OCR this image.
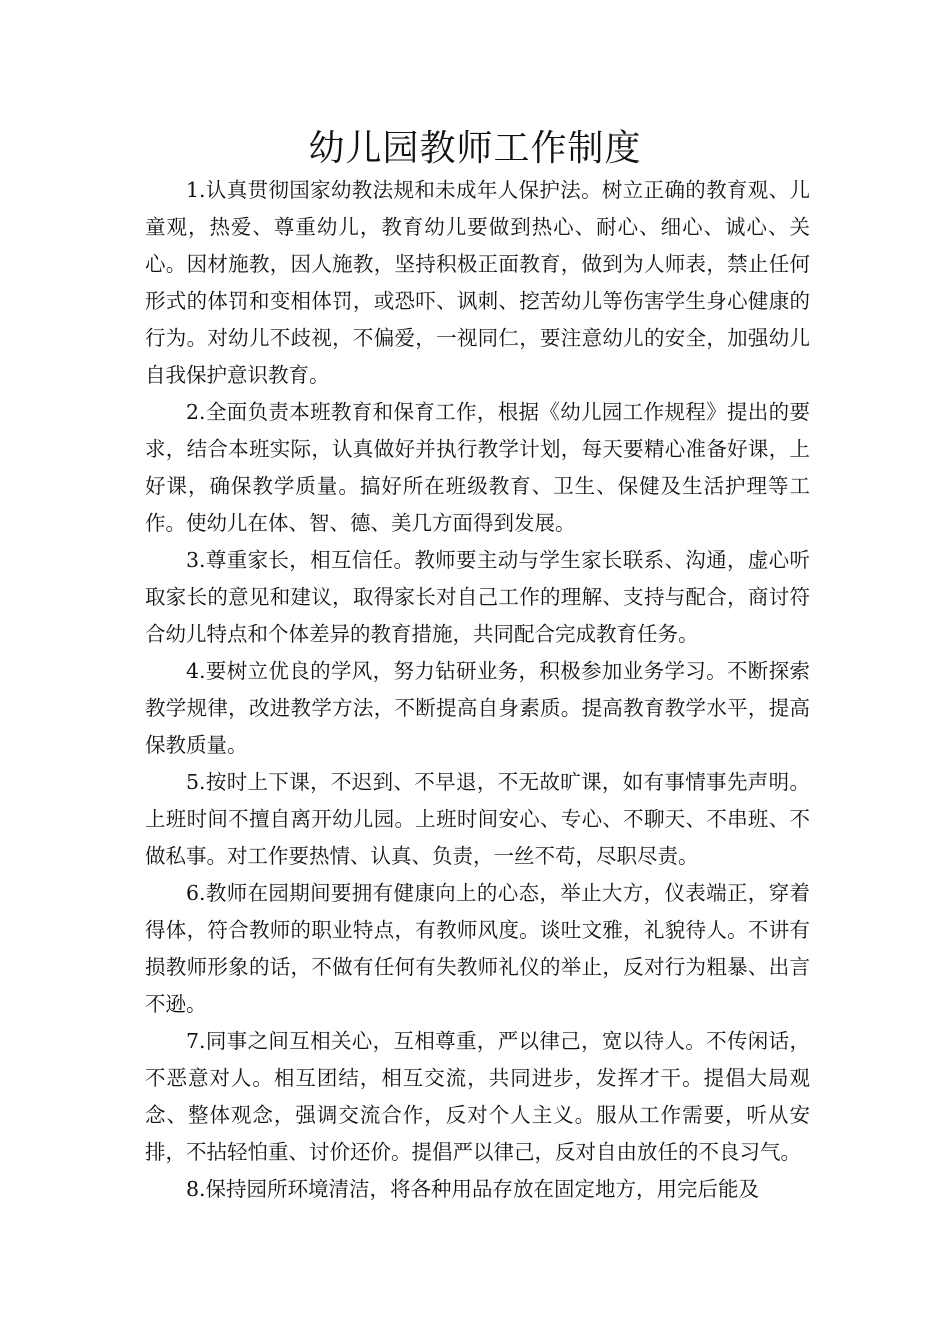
幼儿园教师工作制度

1.认真贯彻国家幼教法规和未成年人保护法。树立正确的教育观、儿童观，热爱、尊重幼儿，教育幼儿要做到热心、耐心、细心、诚心、关心。因材施教，因人施教，坚持积极正面教育，做到为人师表，禁止任何形式的体罚和变相体罚，或恐吓、讽刺、挖苦幼儿等伤害学生身心健康的行为。对幼儿不歧视，不偏爱，一视同仁，要注意幼儿的安全，加强幼儿自我保护意识教育。

2.全面负责本班教育和保育工作，根据《幼儿园工作规程》提出的要求，结合本班实际，认真做好并执行教学计划，每天要精心准备好课，上好课，确保教学质量。搞好所在班级教育、卫生、保健及生活护理等工作。使幼儿在体、智、德、美几方面得到发展。

3.尊重家长，相互信任。教师要主动与学生家长联系、沟通，虚心听取家长的意见和建议，取得家长对自己工作的理解、支持与配合，商讨符合幼儿特点和个体差异的教育措施，共同配合完成教育任务。

4.要树立优良的学风，努力钻研业务，积极参加业务学习。不断探索教学规律，改进教学方法，不断提高自身素质。提高教育教学水平，提高保教质量。

5.按时上下课，不迟到、不早退，不无故旷课，如有事情事先声明。上班时间不擅自离开幼儿园。上班时间安心、专心、不聊天、不串班、不做私事。对工作要热情、认真、负责，一丝不苟，尽职尽责。

6.教师在园期间要拥有健康向上的心态，举止大方，仪表端正，穿着得体，符合教师的职业特点，有教师风度。谈吐文雅，礼貌待人。不讲有损教师形象的话，不做有任何有失教师礼仪的举止，反对行为粗暴、出言不逊。

7.同事之间互相关心，互相尊重，严以律己，宽以待人。不传闲话，不恶意对人。相互团结，相互交流，共同进步，发挥才干。提倡大局观念、整体观念，强调交流合作，反对个人主义。服从工作需要，听从安排，不拈轻怕重、讨价还价。提倡严以律己，反对自由放任的不良习气。

8.保持园所环境清洁，将各种用品存放在固定地方，用完后能及
